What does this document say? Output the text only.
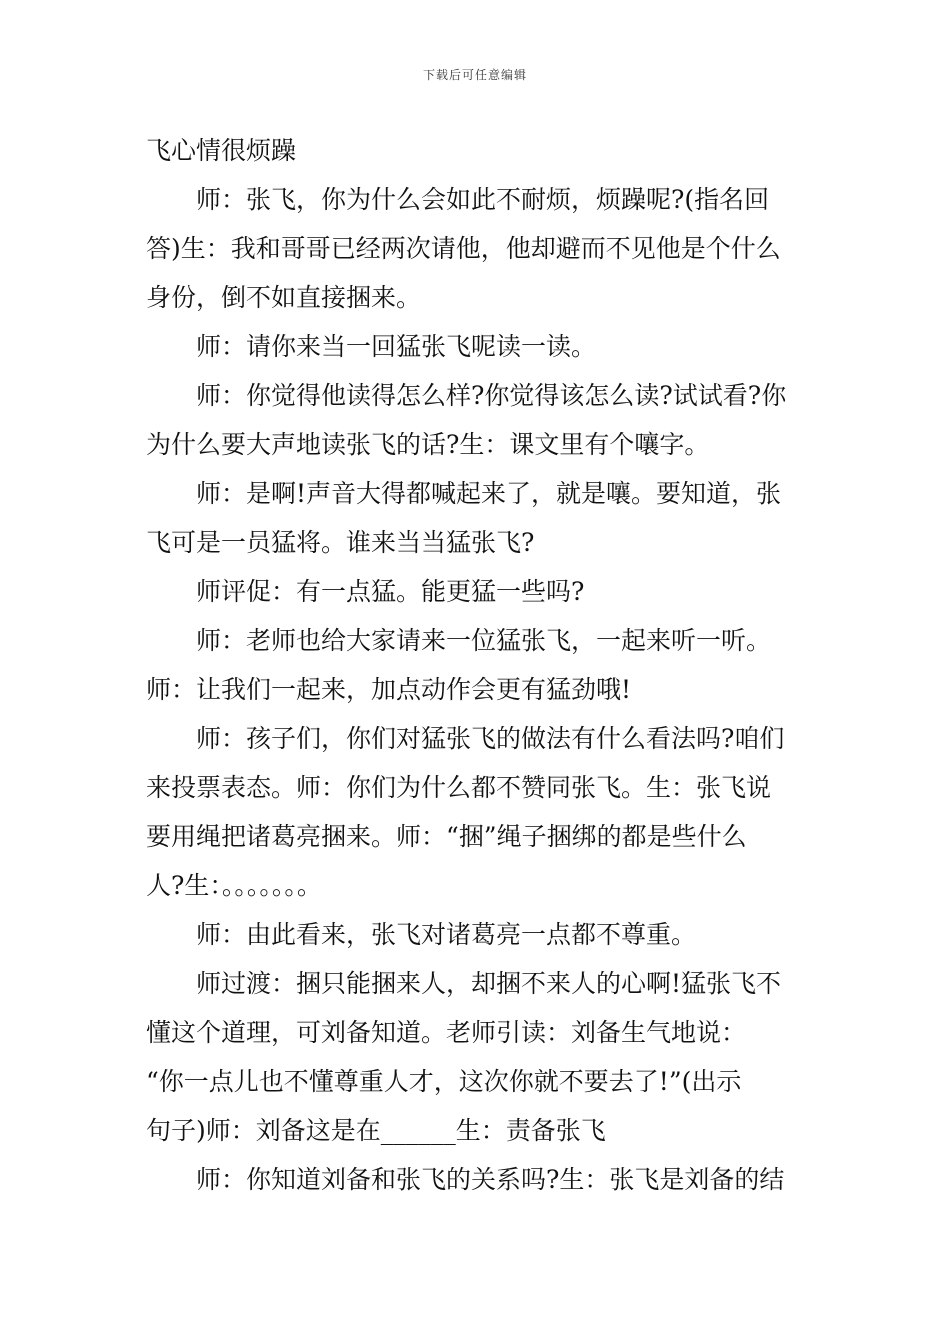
下载后可任意编辑

飞心情很烦躁

师：张飞，你为什么会如此不耐烦，烦躁呢?(指名回
答)生：我和哥哥已经两次请他，他却避而不见他是个什么
身份，倒不如直接捆来。

师：请你来当一回猛张飞呢读一读。

师：你觉得他读得怎么样?你觉得该怎么读?试试看?你
为什么要大声地读张飞的话?生：课文里有个嚷字。

师：是啊!声音大得都喊起来了，就是嚷。要知道，张
飞可是一员猛将。谁来当当猛张飞?

师评促：有一点猛。能更猛一些吗?

师：老师也给大家请来一位猛张飞，一起来听一听。
师：让我们一起来，加点动作会更有猛劲哦!

师：孩子们，你们对猛张飞的做法有什么看法吗?咱们
来投票表态。师：你们为什么都不赞同张飞。生：张飞说
要用绳把诸葛亮捆来。师：“捆”绳子捆绑的都是些什么
人?生：。。。。。。。

师：由此看来，张飞对诸葛亮一点都不尊重。

师过渡：捆只能捆来人，却捆不来人的心啊!猛张飞不
懂这个道理，可刘备知道。老师引读：刘备生气地说：
“你一点儿也不懂尊重人才，这次你就不要去了!”(出示
句子)师：刘备这是在______生：责备张飞

师：你知道刘备和张飞的关系吗?生：张飞是刘备的结
